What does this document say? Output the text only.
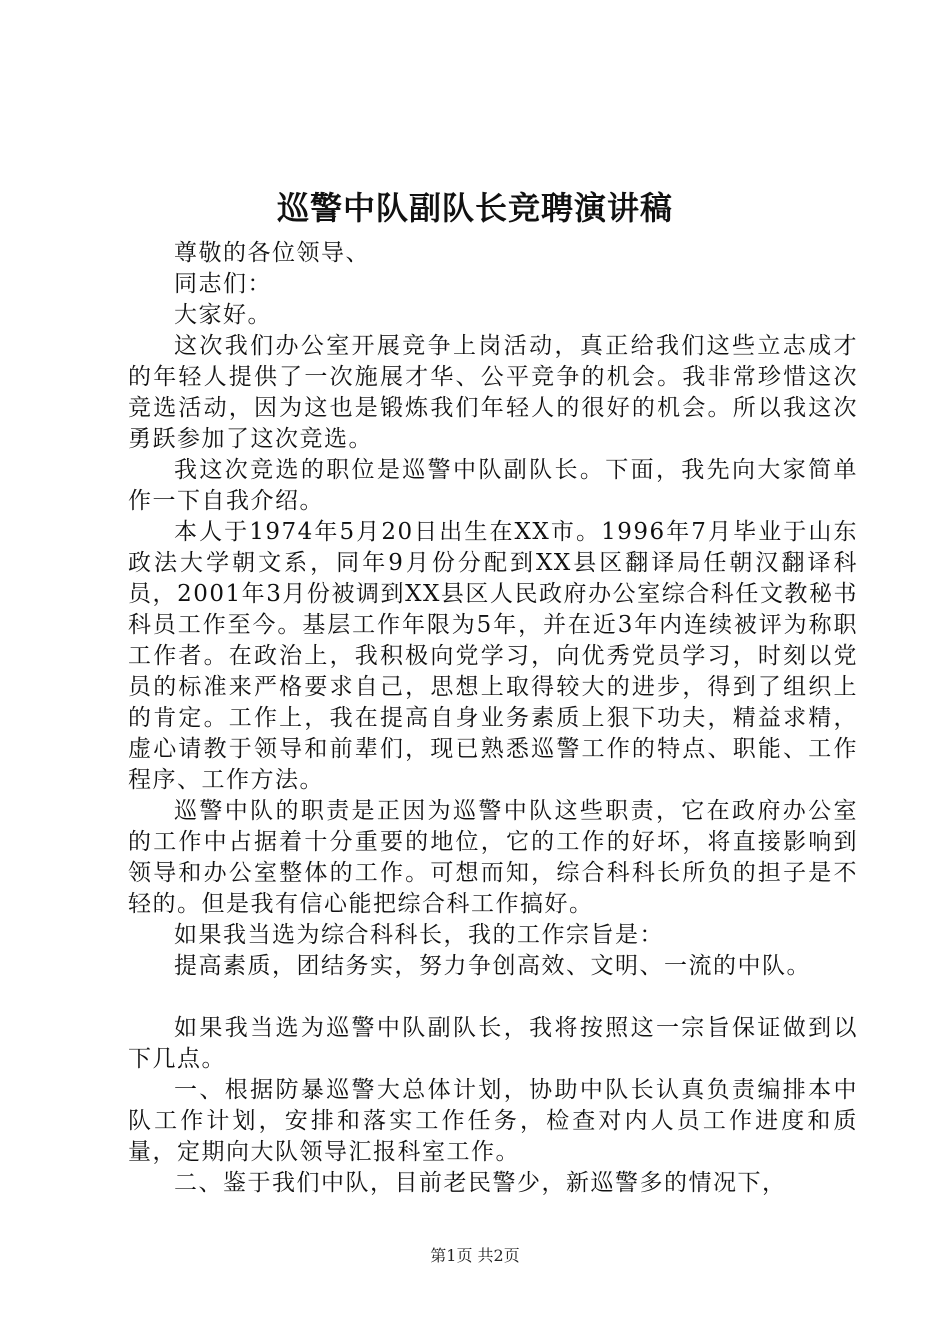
巡警中队副队长竞聘演讲稿

尊敬的各位领导、

同志们：

大家好。

这次我们办公室开展竞争上岗活动，真正给我们这些立志成才的年轻人提供了一次施展才华、公平竞争的机会。我非常珍惜这次竞选活动，因为这也是锻炼我们年轻人的很好的机会。所以我这次勇跃参加了这次竞选。

我这次竞选的职位是巡警中队副队长。下面，我先向大家简单作一下自我介绍。

本人于1974年5月20日出生在XX市。1996年7月毕业于山东政法大学朝文系，同年9月份分配到XX县区翻译局任朝汉翻译科员，2001年3月份被调到XX县区人民政府办公室综合科任文教秘书科员工作至今。基层工作年限为5年，并在近3年内连续被评为称职工作者。在政治上，我积极向党学习，向优秀党员学习，时刻以党员的标准来严格要求自己，思想上取得较大的进步，得到了组织上的肯定。工作上，我在提高自身业务素质上狠下功夫，精益求精，虚心请教于领导和前辈们，现已熟悉巡警工作的特点、职能、工作程序、工作方法。

巡警中队的职责是正因为巡警中队这些职责，它在政府办公室的工作中占据着十分重要的地位，它的工作的好坏，将直接影响到领导和办公室整体的工作。可想而知，综合科科长所负的担子是不轻的。但是我有信心能把综合科工作搞好。

如果我当选为综合科科长，我的工作宗旨是：

提高素质，团结务实，努力争创高效、文明、一流的中队。

如果我当选为巡警中队副队长，我将按照这一宗旨保证做到以下几点。

一、根据防暴巡警大总体计划，协助中队长认真负责编排本中队工作计划，安排和落实工作任务，检查对内人员工作进度和质量，定期向大队领导汇报科室工作。

二、鉴于我们中队，目前老民警少，新巡警多的情况下，

第1页 共2页
